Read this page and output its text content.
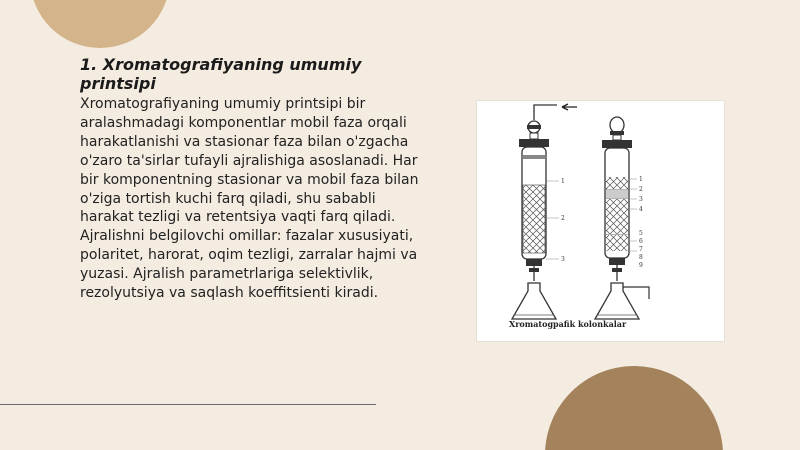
1. Xromatografiyaning umumiy printsipi

Xromatografiyaning umumiy printsipi bir aralashmadagi komponentlar mobil faza orqali harakatlanishi va stasionar faza bilan o'zgacha o'zaro ta'sirlar tufayli ajralishiga asoslanadi. Har bir komponentning stasionar va mobil faza bilan o'ziga tortish kuchi farq qiladi, shu sababli harakat tezligi va retentsiya vaqti farq qiladi. Ajralishni belgilovchi omillar: fazalar xususiyati, polaritet, harorat, oqim tezligi, zarralar hajmi va yuzasi. Ajralish parametrlariga selektivlik, rezolyutsiya va saqlash koeffitsienti kiradi.

1
2
3
1
2
3
4
5
6
7
8
9
Xromatogpafik kolonkalar
